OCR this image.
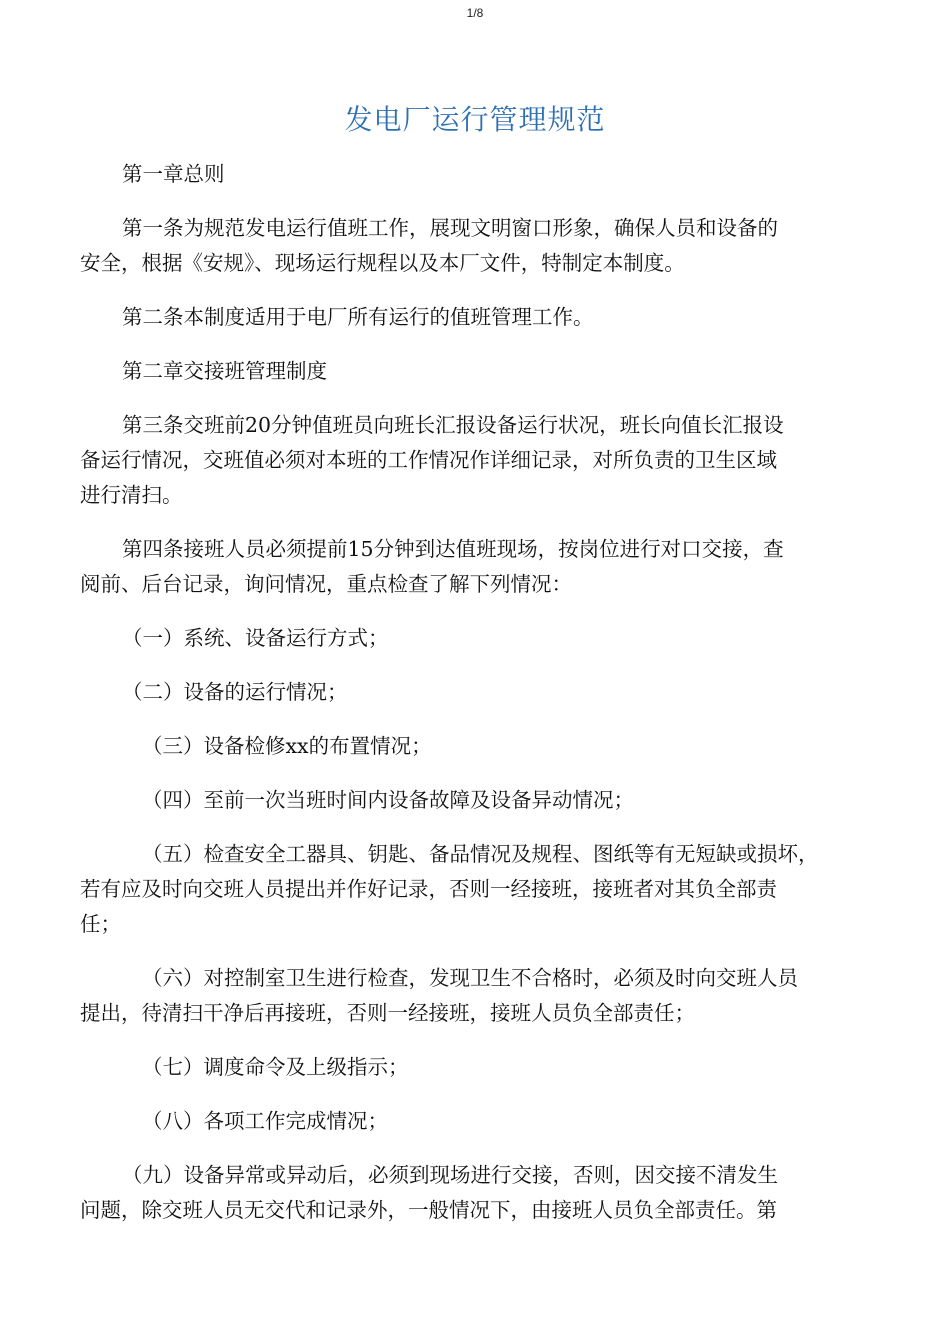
1/8
发电厂运行管理规范

第一章总则

第一条为规范发电运行值班工作，展现文明窗口形象，确保人员和设备的
安全，根据《安规》、现场运行规程以及本厂文件，特制定本制度。

第二条本制度适用于电厂所有运行的值班管理工作。

第二章交接班管理制度

第三条交班前20分钟值班员向班长汇报设备运行状况，班长向值长汇报设
备运行情况，交班值必须对本班的工作情况作详细记录，对所负责的卫生区域
进行清扫。

第四条接班人员必须提前15分钟到达值班现场，按岗位进行对口交接，查
阅前、后台记录，询问情况，重点检查了解下列情况：

（一）系统、设备运行方式；

（二）设备的运行情况；

（三）设备检修xx的布置情况；

（四）至前一次当班时间内设备故障及设备异动情况；

（五）检查安全工器具、钥匙、备品情况及规程、图纸等有无短缺或损坏，
若有应及时向交班人员提出并作好记录，否则一经接班，接班者对其负全部责
任；

（六）对控制室卫生进行检查，发现卫生不合格时，必须及时向交班人员
提出，待清扫干净后再接班，否则一经接班，接班人员负全部责任；

（七）调度命令及上级指示；

（八）各项工作完成情况；

（九）设备异常或异动后，必须到现场进行交接，否则，因交接不清发生
问题，除交班人员无交代和记录外，一般情况下，由接班人员负全部责任。第
